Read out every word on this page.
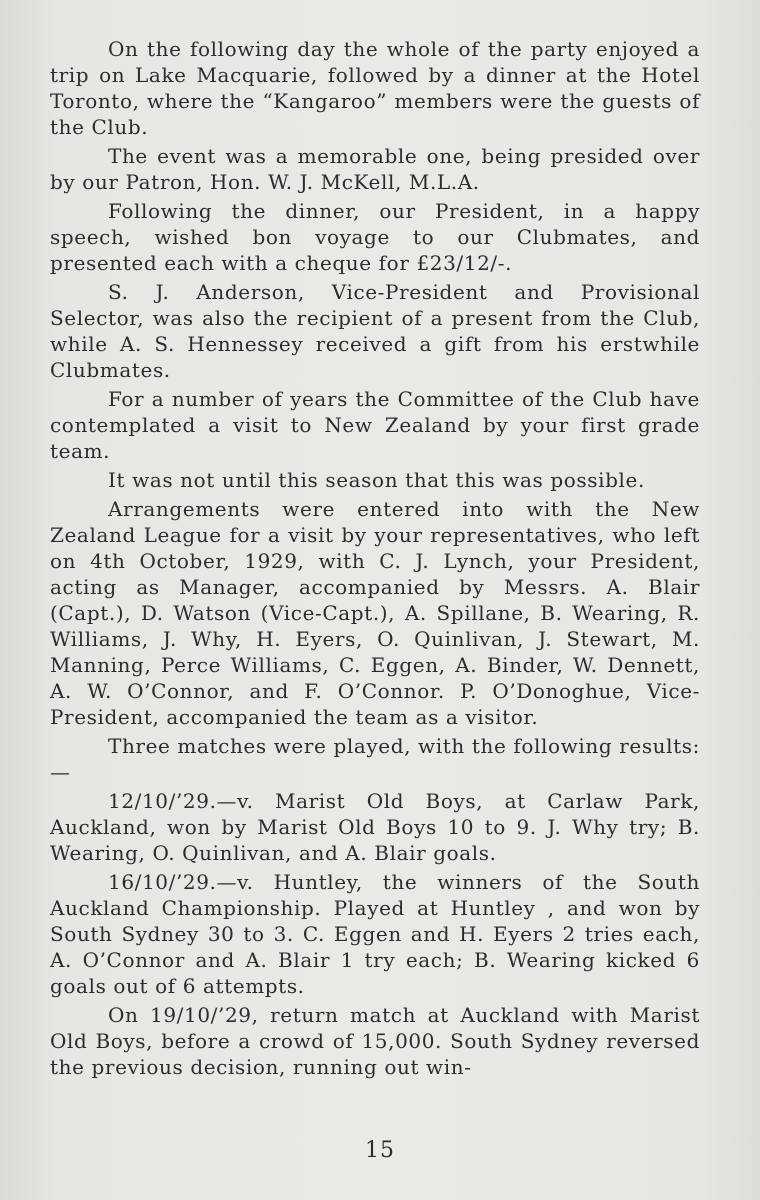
On the following day the whole of the party enjoyed a trip on Lake Macquarie, followed by a dinner at the Hotel Toronto, where the “Kangaroo” members were the guests of the Club.

The event was a memorable one, being presided over by our Patron, Hon. W. J. McKell, M.L.A.

Following the dinner, our President, in a happy speech, wished bon voyage to our Clubmates, and presented each with a cheque for £23/12/-.

S. J. Anderson, Vice-President and Provisional Selector, was also the recipient of a present from the Club, while A. S. Hennessey received a gift from his erstwhile Clubmates.

For a number of years the Committee of the Club have contemplated a visit to New Zealand by your first grade team.

It was not until this season that this was possible.

Arrangements were entered into with the New Zealand League for a visit by your representatives, who left on 4th October, 1929, with C. J. Lynch, your President, acting as Manager, accompanied by Messrs. A. Blair (Capt.), D. Watson (Vice-Capt.), A. Spillane, B. Wearing, R. Williams, J. Why, H. Eyers, O. Quinlivan, J. Stewart, M. Manning, Perce Williams, C. Eggen, A. Binder, W. Dennett, A. W. O’Connor, and F. O’Connor. P. O’Donoghue, Vice-President, accompanied the team as a visitor.

Three matches were played, with the following results:—

12/10/’29.—v. Marist Old Boys, at Carlaw Park, Auckland, won by Marist Old Boys 10 to 9. J. Why try; B. Wearing, O. Quinlivan, and A. Blair goals.

16/10/’29.—v. Huntley, the winners of the South Auckland Championship. Played at Huntley , and won by South Sydney 30 to 3. C. Eggen and H. Eyers 2 tries each, A. O’Connor and A. Blair 1 try each; B. Wearing kicked 6 goals out of 6 attempts.

On 19/10/’29, return match at Auckland with Marist Old Boys, before a crowd of 15,000. South Sydney reversed the previous decision, running out win-

15
